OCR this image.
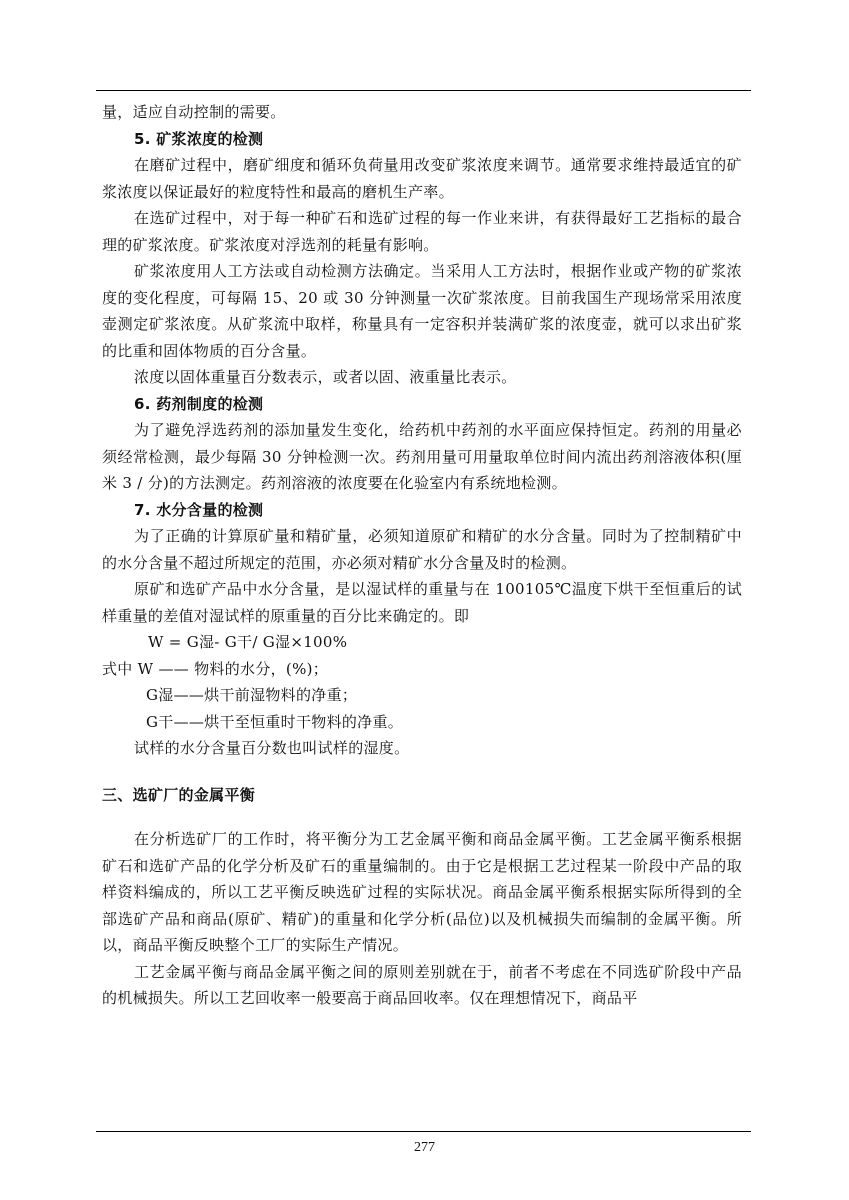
量，适应自动控制的需要。

5. 矿浆浓度的检测

在磨矿过程中，磨矿细度和循环负荷量用改变矿浆浓度来调节。通常要求维持最适宜的矿浆浓度以保证最好的粒度特性和最高的磨机生产率。

在选矿过程中，对于每一种矿石和选矿过程的每一作业来讲，有获得最好工艺指标的最合理的矿浆浓度。矿浆浓度对浮选剂的耗量有影响。

矿浆浓度用人工方法或自动检测方法确定。当采用人工方法时，根据作业或产物的矿浆浓度的变化程度，可每隔 15、20 或 30 分钟测量一次矿浆浓度。目前我国生产现场常采用浓度壶测定矿浆浓度。从矿浆流中取样，称量具有一定容积并装满矿浆的浓度壶，就可以求出矿浆的比重和固体物质的百分含量。

浓度以固体重量百分数表示，或者以固、液重量比表示。

6. 药剂制度的检测

为了避免浮选药剂的添加量发生变化，给药机中药剂的水平面应保持恒定。药剂的用量必须经常检测，最少每隔 30 分钟检测一次。药剂用量可用量取单位时间内流出药剂溶液体积(厘米 3 / 分)的方法测定。药剂溶液的浓度要在化验室内有系统地检测。

7. 水分含量的检测

为了正确的计算原矿量和精矿量，必须知道原矿和精矿的水分含量。同时为了控制精矿中的水分含量不超过所规定的范围，亦必须对精矿水分含量及时的检测。

原矿和选矿产品中水分含量，是以湿试样的重量与在 100105℃温度下烘干至恒重后的试样重量的差值对湿试样的原重量的百分比来确定的。即

W = G湿- G干/ G湿×100%

式中 W —— 物料的水分，(%)；

G湿——烘干前湿物料的净重；

G干——烘干至恒重时干物料的净重。

试样的水分含量百分数也叫试样的湿度。

三、选矿厂的金属平衡

在分析选矿厂的工作时，将平衡分为工艺金属平衡和商品金属平衡。工艺金属平衡系根据矿石和选矿产品的化学分析及矿石的重量编制的。由于它是根据工艺过程某一阶段中产品的取样资料编成的，所以工艺平衡反映选矿过程的实际状况。商品金属平衡系根据实际所得到的全部选矿产品和商品(原矿、精矿)的重量和化学分析(品位)以及机械损失而编制的金属平衡。所以，商品平衡反映整个工厂的实际生产情况。

工艺金属平衡与商品金属平衡之间的原则差别就在于，前者不考虑在不同选矿阶段中产品的机械损失。所以工艺回收率一般要高于商品回收率。仅在理想情况下，商品平

277
